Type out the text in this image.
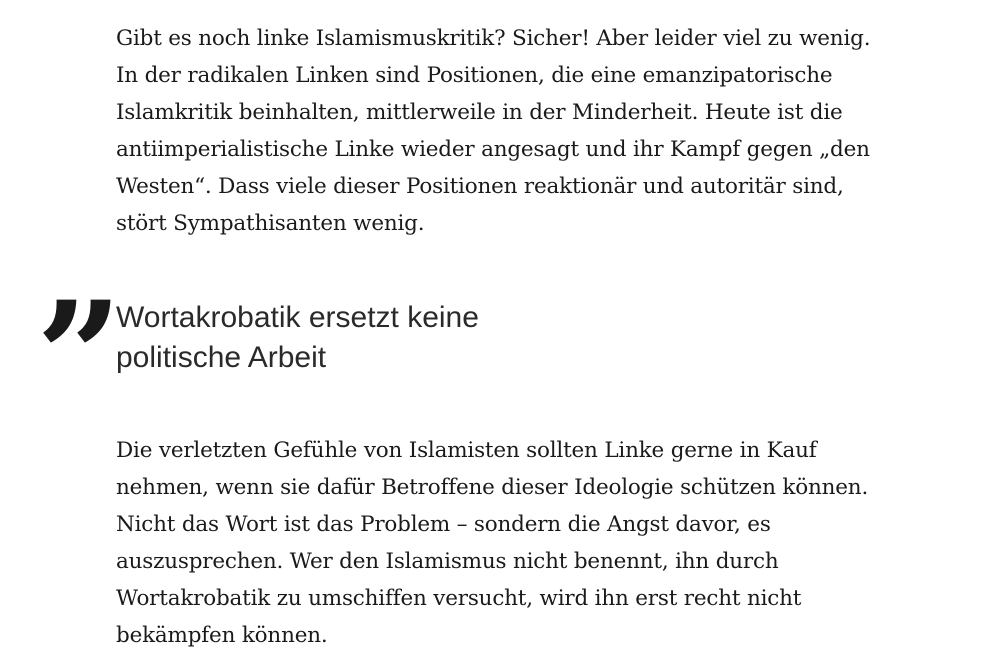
Gibt es noch linke Islamismuskritik? Sicher! Aber leider viel zu wenig.
In der radikalen Linken sind Positionen, die eine emanzipatorische
Islamkritik beinhalten, mittlerweile in der Minderheit. Heute ist die
antiimperialistische Linke wieder angesagt und ihr Kampf gegen „den
Westen“. Dass viele dieser Positionen reaktionär und autoritär sind,
stört Sympathisanten wenig.

”
Wortakrobatik ersetzt keine
politische Arbeit

Die verletzten Gefühle von Islamisten sollten Linke gerne in Kauf
nehmen, wenn sie dafür Betroffene dieser Ideologie schützen können.
Nicht das Wort ist das Problem – sondern die Angst davor, es
auszusprechen. Wer den Islamismus nicht benennt, ihn durch
Wortakrobatik zu umschiffen versucht, wird ihn erst recht nicht
bekämpfen können.
